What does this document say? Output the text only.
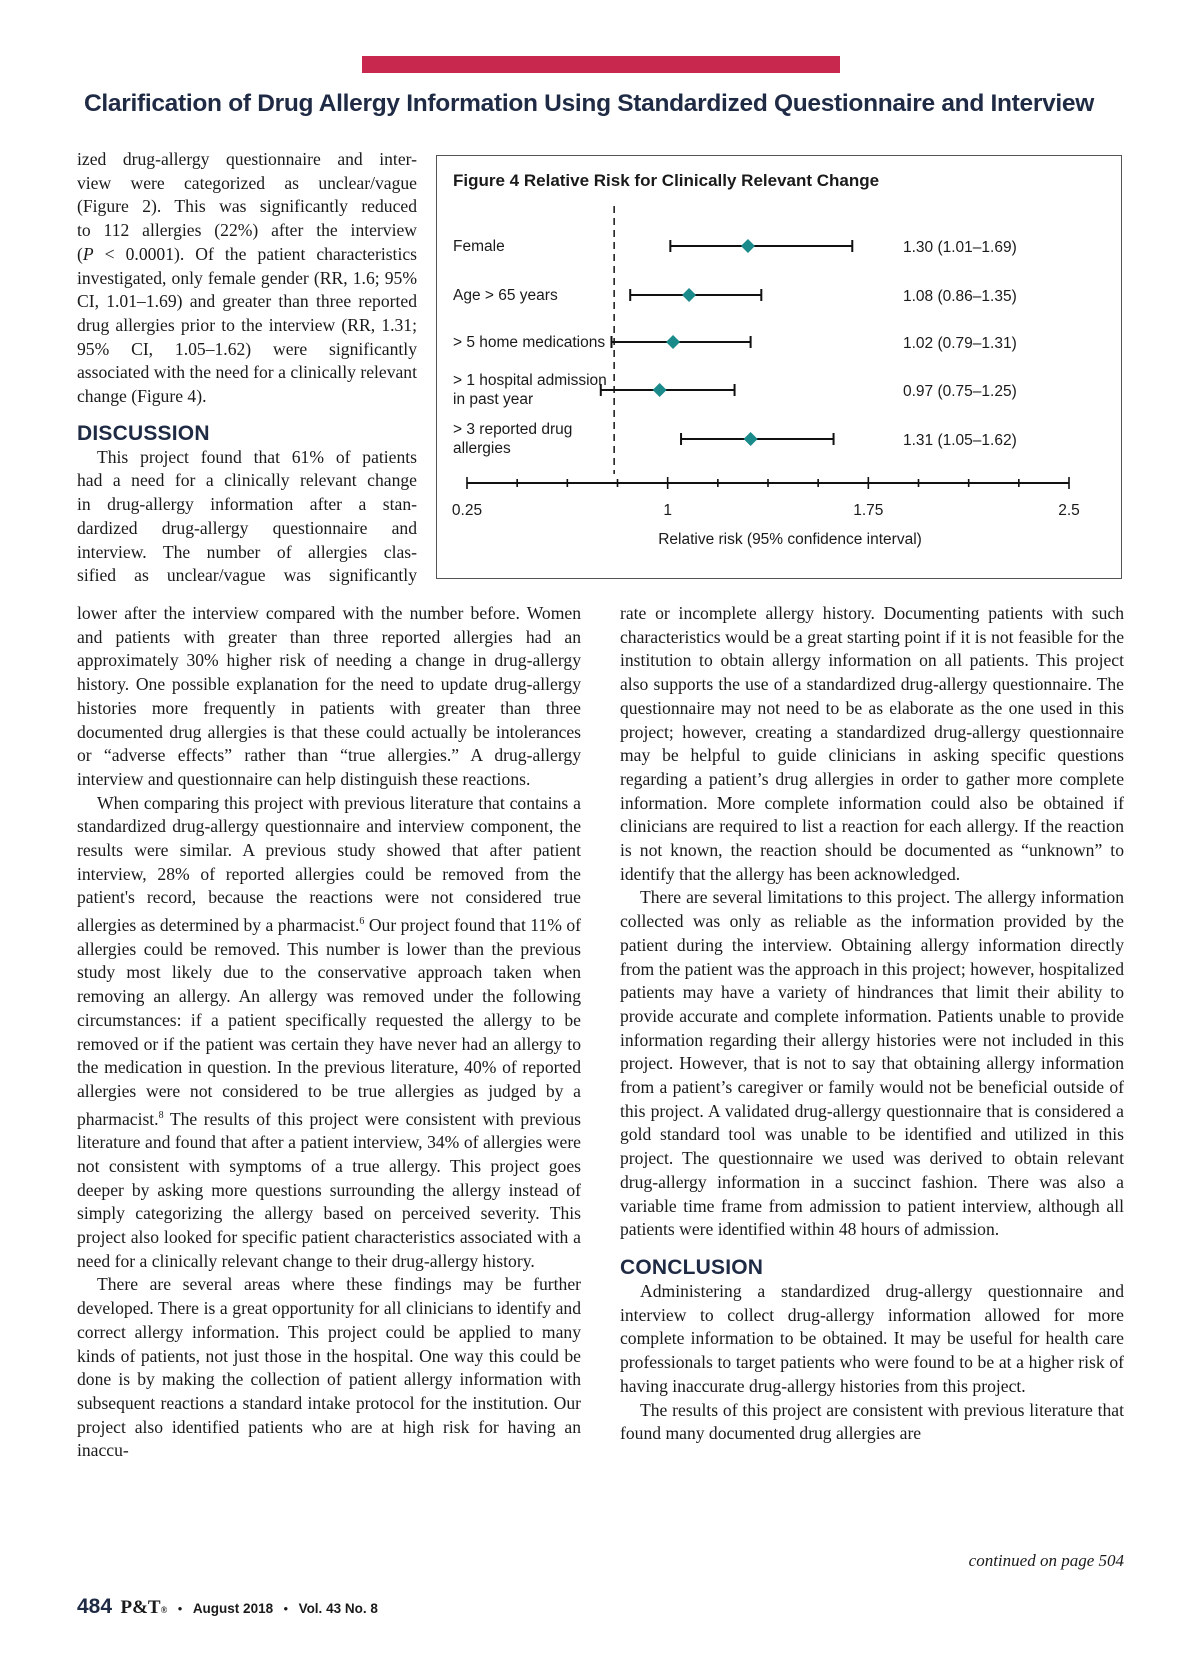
Clarification of Drug Allergy Information Using Standardized Questionnaire and Interview

ized drug-allergy questionnaire and inter-
view were categorized as unclear/vague
(Figure 2). This was significantly reduced
to 112 allergies (22%) after the interview
(P < 0.0001). Of the patient characteristics
investigated, only female gender (RR, 1.6; 95% CI, 1.01–1.69) and greater than three reported drug allergies prior to the interview (RR, 1.31; 95% CI, 1.05–1.62) were significantly associated with the need for a clinically relevant change (Figure 4).

DISCUSSION

This project found that 61% of patients
had a need for a clinically relevant change
in drug-allergy information after a stan-
dardized drug-allergy questionnaire and
interview. The number of allergies clas-
sified as unclear/vague was significantly

Figure 4 Relative Risk for Clinically Relevant Change
Female	1.30 (1.01–1.69)
Age > 65 years	1.08 (0.86–1.35)
> 5 home medications	1.02 (0.79–1.31)
> 1 hospital admission in past year	0.97 (0.75–1.25)
> 3 reported drug allergies	1.31 (1.05–1.62)
0.25	1	1.75	2.5
Relative risk (95% confidence interval)

lower after the interview compared with the number before. Women and patients with greater than three reported allergies had an approximately 30% higher risk of needing a change in drug-allergy history. One possible explanation for the need to update drug-allergy histories more frequently in patients with greater than three documented drug allergies is that these could actually be intolerances or “adverse effects” rather than “true allergies.” A drug-allergy interview and questionnaire can help distinguish these reactions.

When comparing this project with previous literature that contains a standardized drug-allergy questionnaire and interview component, the results were similar. A previous study showed that after patient interview, 28% of reported allergies could be removed from the patient's record, because the reactions were not considered true allergies as determined by a pharmacist.$^6$ Our project found that 11% of allergies could be removed. This number is lower than the previous study most likely due to the conservative approach taken when removing an allergy. An allergy was removed under the following circumstances: if a patient specifically requested the allergy to be removed or if the patient was certain they have never had an allergy to the medication in question. In the previous literature, 40% of reported allergies were not considered to be true allergies as judged by a pharmacist.$^8$ The results of this project were consistent with previous literature and found that after a patient interview, 34% of allergies were not consistent with symptoms of a true allergy. This project goes deeper by asking more questions surrounding the allergy instead of simply categorizing the allergy based on perceived severity. This project also looked for specific patient characteristics associated with a need for a clinically relevant change to their drug-allergy history.

There are several areas where these findings may be further developed. There is a great opportunity for all clinicians to identify and correct allergy information. This project could be applied to many kinds of patients, not just those in the hospital. One way this could be done is by making the collection of patient allergy information with subsequent reactions a standard intake protocol for the institution. Our project also identified patients who are at high risk for having an inaccu-

rate or incomplete allergy history. Documenting patients with such characteristics would be a great starting point if it is not feasible for the institution to obtain allergy information on all patients. This project also supports the use of a standardized drug-allergy questionnaire. The questionnaire may not need to be as elaborate as the one used in this project; however, creating a standardized drug-allergy questionnaire may be helpful to guide clinicians in asking specific questions regarding a patient’s drug allergies in order to gather more complete information. More complete information could also be obtained if clinicians are required to list a reaction for each allergy. If the reaction is not known, the reaction should be documented as “unknown” to identify that the allergy has been acknowledged.

There are several limitations to this project. The allergy information collected was only as reliable as the information provided by the patient during the interview. Obtaining allergy information directly from the patient was the approach in this project; however, hospitalized patients may have a variety of hindrances that limit their ability to provide accurate and complete information. Patients unable to provide information regarding their allergy histories were not included in this project. However, that is not to say that obtaining allergy information from a patient’s caregiver or family would not be beneficial outside of this project. A validated drug-allergy questionnaire that is considered a gold standard tool was unable to be identified and utilized in this project. The questionnaire we used was derived to obtain relevant drug-allergy information in a succinct fashion. There was also a variable time frame from admission to patient interview, although all patients were identified within 48 hours of admission.

CONCLUSION

Administering a standardized drug-allergy questionnaire and interview to collect drug-allergy information allowed for more complete information to be obtained. It may be useful for health care professionals to target patients who were found to be at a higher risk of having inaccurate drug-allergy histories from this project.

The results of this project are consistent with previous literature that found many documented drug allergies are

continued on page 504
484 P&T® • August 2018 • Vol. 43 No. 8
